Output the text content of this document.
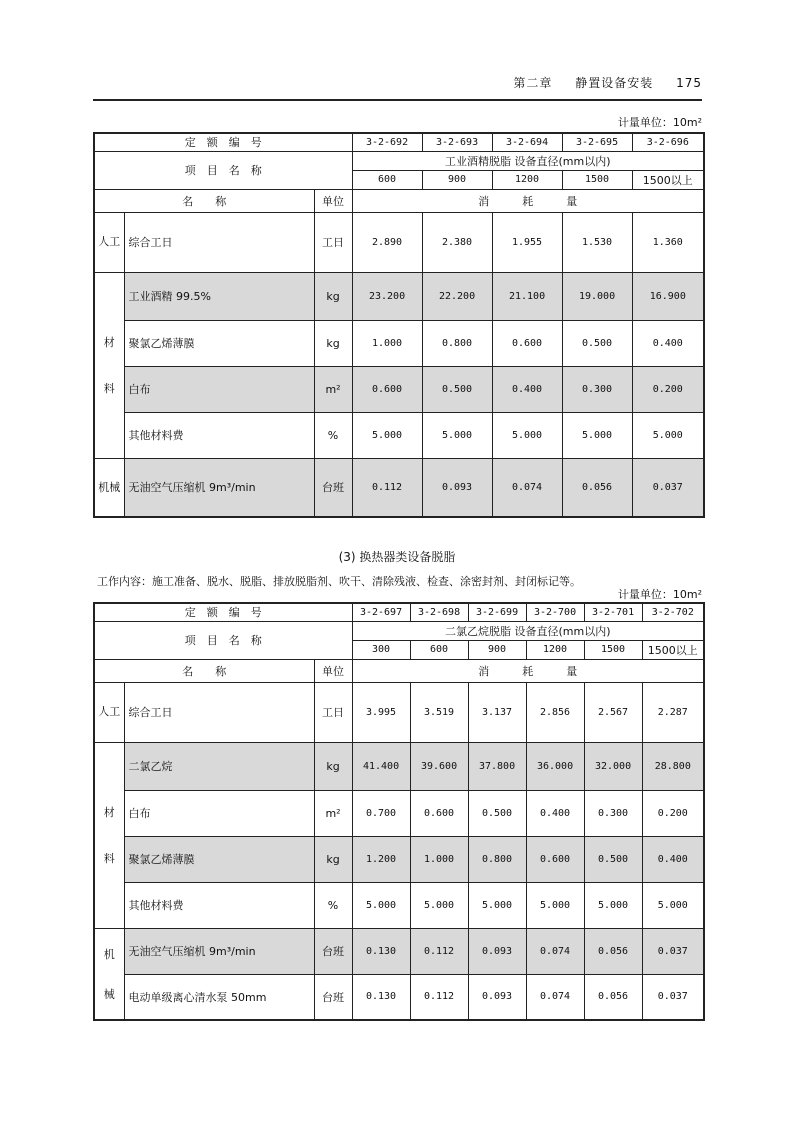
第二章 静置设备安装 175
计量单位：10m²
定　额　编　号			3-2-692	3-2-693	3-2-694	3-2-695	3-2-696
项　目　名　称			工业酒精脱脂 设备直径(mm以内)				
			600	900	1200	1500	1500以上
名　　称		单位	消　　　耗　　　量				
人工	综合工日	工日	2.890	2.380	1.955	1.530	1.360

材
料	工业酒精 99.5%	kg	23.200	22.200	21.100	19.000	16.900
	聚氯乙烯薄膜	kg	1.000	0.800	0.600	0.500	0.400
	白布	m²	0.600	0.500	0.400	0.300	0.200
	其他材料费	%	5.000	5.000	5.000	5.000	5.000
机械	无油空气压缩机 9m³/min	台班	0.112	0.093	0.074	0.056	0.037
(3) 换热器类设备脱脂
工作内容：施工准备、脱水、脱脂、排放脱脂剂、吹干、清除残液、检查、涂密封剂、封闭标记等。
计量单位：10m²
定　额　编　号			3-2-697	3-2-698	3-2-699	3-2-700	3-2-701	3-2-702
项　目　名　称			二氯乙烷脱脂 设备直径(mm以内)					
			300	600	900	1200	1500	1500以上
名　　称		单位	消　　　耗　　　量					
人工	综合工日	工日	3.995	3.519	3.137	2.856	2.567	2.287

材
料	二氯乙烷	kg	41.400	39.600	37.800	36.000	32.000	28.800
	白布	m²	0.700	0.600	0.500	0.400	0.300	0.200
	聚氯乙烯薄膜	kg	1.200	1.000	0.800	0.600	0.500	0.400
	其他材料费	%	5.000	5.000	5.000	5.000	5.000	5.000

机
械	无油空气压缩机 9m³/min	台班	0.130	0.112	0.093	0.074	0.056	0.037
	电动单级离心清水泵 50mm	台班	0.130	0.112	0.093	0.074	0.056	0.037
